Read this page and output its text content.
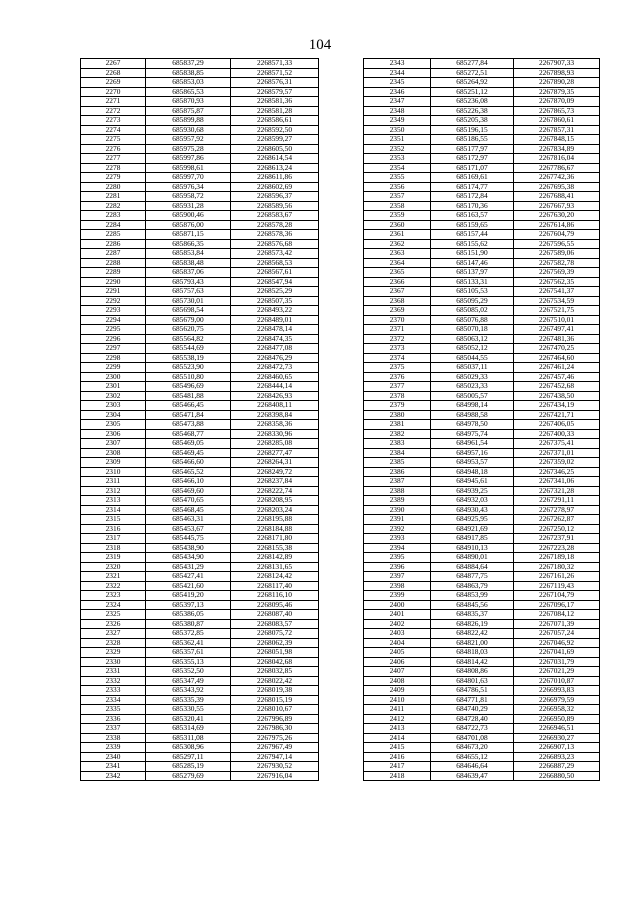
104
2267	685837,29	2268571,33
2268	685838,85	2268571,52
2269	685853,03	2268576,31
2270	685865,53	2268579,57
2271	685870,93	2268581,36
2272	685875,87	2268581,28
2273	685899,88	2268586,61
2274	685930,68	2268592,50
2275	685957,92	2268599,27
2276	685975,28	2268605,50
2277	685997,86	2268614,54
2278	685998,61	2268613,24
2279	685997,70	2268611,86
2280	685976,34	2268602,69
2281	685958,72	2268596,37
2282	685931,28	2268589,56
2283	685900,46	2268583,67
2284	685876,00	2268578,28
2285	685871,15	2268578,36
2286	685866,35	2268576,68
2287	685853,84	2268573,42
2288	685838,48	2268568,53
2289	685837,06	2268567,61
2290	685793,43	2268547,94
2291	685757,63	2268525,29
2292	685730,01	2268507,35
2293	685698,54	2268493,22
2294	685679,00	2268489,01
2295	685620,75	2268478,14
2296	685564,82	2268474,35
2297	685544,69	2268477,08
2298	685538,19	2268476,29
2299	685523,90	2268472,73
2300	685510,80	2268460,65
2301	685496,69	2268444,14
2302	685481,88	2268426,93
2303	685466,45	2268408,11
2304	685471,84	2268398,84
2305	685473,88	2268358,36
2306	685468,77	2268330,96
2307	685469,05	2268285,08
2308	685469,45	2268277,47
2309	685466,60	2268264,31
2310	685465,52	2268249,72
2311	685466,10	2268237,84
2312	685469,60	2268222,74
2313	685470,65	2268208,95
2314	685468,45	2268203,24
2315	685463,31	2268195,88
2316	685453,67	2268184,88
2317	685445,75	2268171,80
2318	685438,90	2268155,38
2319	685434,90	2268142,89
2320	685431,29	2268131,65
2321	685427,41	2268124,42
2322	685421,60	2268117,40
2323	685419,20	2268116,10
2324	685397,13	2268095,46
2325	685386,05	2268087,40
2326	685380,87	2268083,57
2327	685372,85	2268075,72
2328	685362,41	2268062,39
2329	685357,61	2268051,98
2330	685355,13	2268042,68
2331	685352,50	2268032,85
2332	685347,49	2268022,42
2333	685343,92	2268019,38
2334	685335,39	2268015,19
2335	685330,55	2268010,67
2336	685320,41	2267996,89
2337	685314,69	2267986,30
2338	685311,08	2267975,26
2339	685308,96	2267967,49
2340	685297,11	2267947,14
2341	685285,19	2267930,52
2342	685279,69	2267916,04
2343	685277,84	2267907,33
2344	685272,51	2267898,93
2345	685264,92	2267890,28
2346	685251,12	2267879,35
2347	685236,08	2267870,09
2348	685226,38	2267865,73
2349	685205,38	2267860,61
2350	685196,15	2267857,31
2351	685186,55	2267848,15
2352	685177,97	2267834,89
2353	685172,97	2267816,04
2354	685171,07	2267786,67
2355	685169,61	2267742,36
2356	685174,77	2267695,38
2357	685172,84	2267688,41
2358	685170,36	2267667,93
2359	685163,57	2267630,20
2360	685159,65	2267614,86
2361	685157,44	2267604,79
2362	685155,62	2267596,55
2363	685151,90	2267589,06
2364	685147,46	2267582,78
2365	685137,97	2267569,39
2366	685133,31	2267562,35
2367	685105,53	2267541,37
2368	685095,29	2267534,59
2369	685085,02	2267521,75
2370	685076,88	2267510,01
2371	685070,18	2267497,41
2372	685063,12	2267481,36
2373	685052,12	2267470,25
2374	685044,55	2267464,60
2375	685037,11	2267461,24
2376	685029,33	2267457,46
2377	685023,33	2267452,68
2378	685005,57	2267438,50
2379	684998,14	2267434,19
2380	684988,58	2267421,71
2381	684978,50	2267406,05
2382	684975,74	2267400,33
2383	684961,54	2267375,41
2384	684957,16	2267371,01
2385	684953,57	2267359,02
2386	684948,18	2267346,25
2387	684945,61	2267341,06
2388	684939,25	2267321,28
2389	684932,03	2267291,11
2390	684930,43	2267278,97
2391	684925,95	2267262,87
2392	684921,69	2267250,12
2393	684917,85	2267237,91
2394	684910,13	2267223,28
2395	684890,01	2267189,18
2396	684884,64	2267180,32
2397	684877,75	2267161,26
2398	684863,79	2267119,43
2399	684853,99	2267104,79
2400	684845,56	2267096,17
2401	684835,37	2267084,12
2402	684826,19	2267071,39
2403	684822,42	2267057,24
2404	684821,00	2267046,92
2405	684818,03	2267041,69
2406	684814,42	2267031,79
2407	684808,86	2267021,29
2408	684801,63	2267010,87
2409	684786,51	2266993,83
2410	684771,81	2266979,59
2411	684740,29	2266958,32
2412	684728,40	2266950,89
2413	684722,73	2266946,51
2414	684701,08	2266930,27
2415	684673,20	2266907,13
2416	684655,12	2266893,23
2417	684646,64	2266887,29
2418	684639,47	2266880,50
